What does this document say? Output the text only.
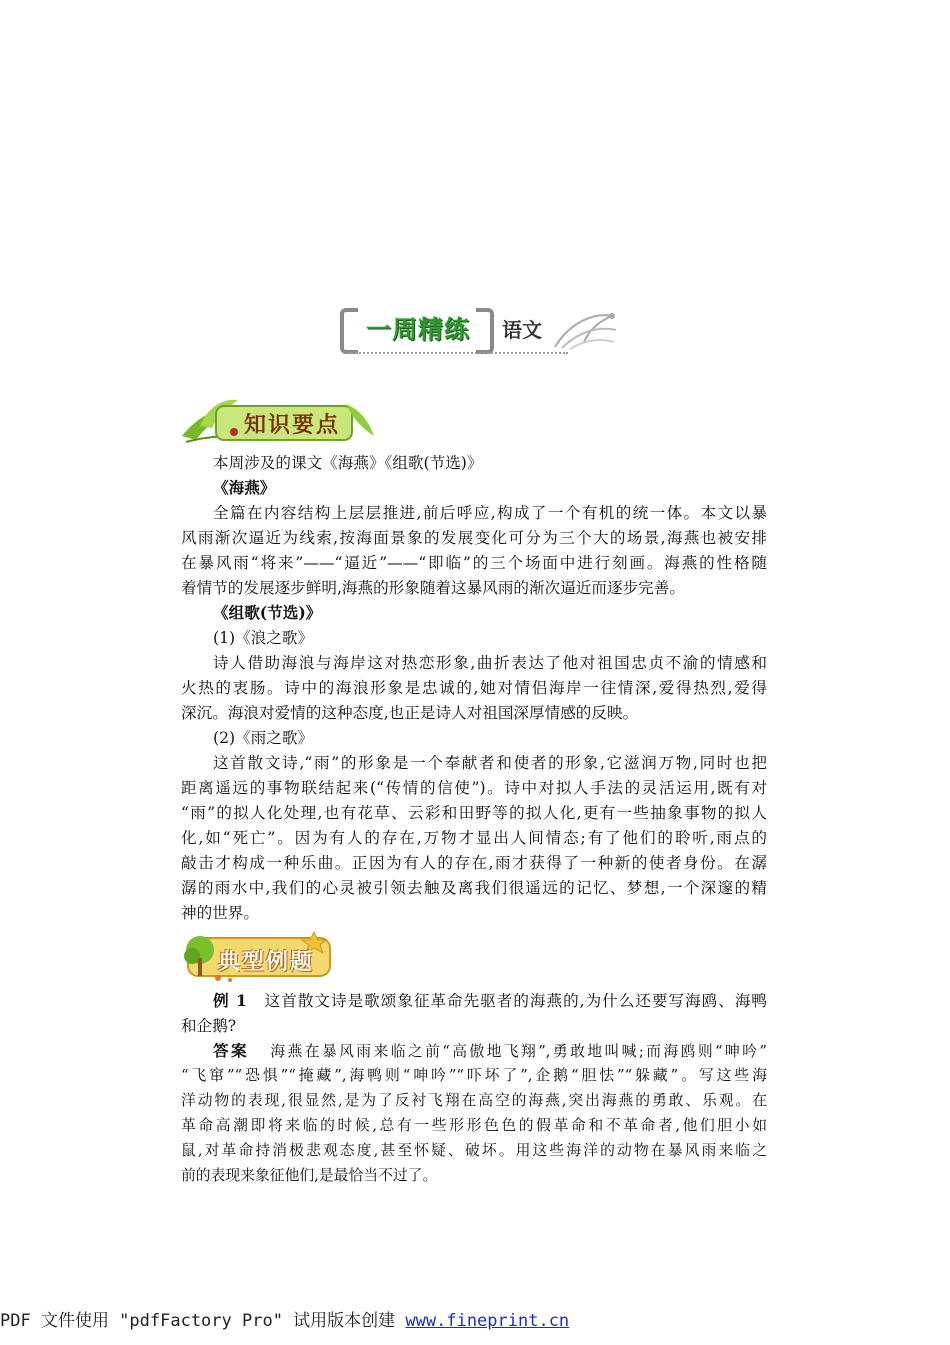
一周精练	语文
知识要点
本周涉及的课文《海燕》《组歌(节选)》
《海燕》
全篇在内容结构上层层推进,前后呼应,构成了一个有机的统一体。本文以暴
风雨渐次逼近为线索,按海面景象的发展变化可分为三个大的场景,海燕也被安排
在暴风雨“将来”——“逼近”——“即临”的三个场面中进行刻画。海燕的性格随
着情节的发展逐步鲜明,海燕的形象随着这暴风雨的渐次逼近而逐步完善。
《组歌(节选)》
(1)《浪之歌》
诗人借助海浪与海岸这对热恋形象,曲折表达了他对祖国忠贞不渝的情感和
火热的衷肠。诗中的海浪形象是忠诚的,她对情侣海岸一往情深,爱得热烈,爱得
深沉。海浪对爱情的这种态度,也正是诗人对祖国深厚情感的反映。
(2)《雨之歌》
这首散文诗,“雨”的形象是一个奉献者和使者的形象,它滋润万物,同时也把
距离遥远的事物联结起来(“传情的信使”)。诗中对拟人手法的灵活运用,既有对
“雨”的拟人化处理,也有花草、云彩和田野等的拟人化,更有一些抽象事物的拟人
化,如“死亡”。因为有人的存在,万物才显出人间情态;有了他们的聆听,雨点的
敲击才构成一种乐曲。正因为有人的存在,雨才获得了一种新的使者身份。在潺
潺的雨水中,我们的心灵被引领去触及离我们很遥远的记忆、梦想,一个深邃的精
神的世界。
典型例题
例 1 这首散文诗是歌颂象征革命先驱者的海燕的,为什么还要写海鸥、海鸭
和企鹅?
答案 海燕在暴风雨来临之前“高傲地飞翔”,勇敢地叫喊;而海鸥则“呻吟”
“飞窜”“恐惧”“掩藏”,海鸭则“呻吟”“吓坏了”,企鹅“胆怯”“躲藏”。写这些海
洋动物的表现,很显然,是为了反衬飞翔在高空的海燕,突出海燕的勇敢、乐观。在
革命高潮即将来临的时候,总有一些形形色色的假革命和不革命者,他们胆小如
鼠,对革命持消极悲观态度,甚至怀疑、破坏。用这些海洋的动物在暴风雨来临之
前的表现来象征他们,是最恰当不过了。
PDF 文件使用 "pdfFactory Pro" 试用版本创建 www.fineprint.cn
